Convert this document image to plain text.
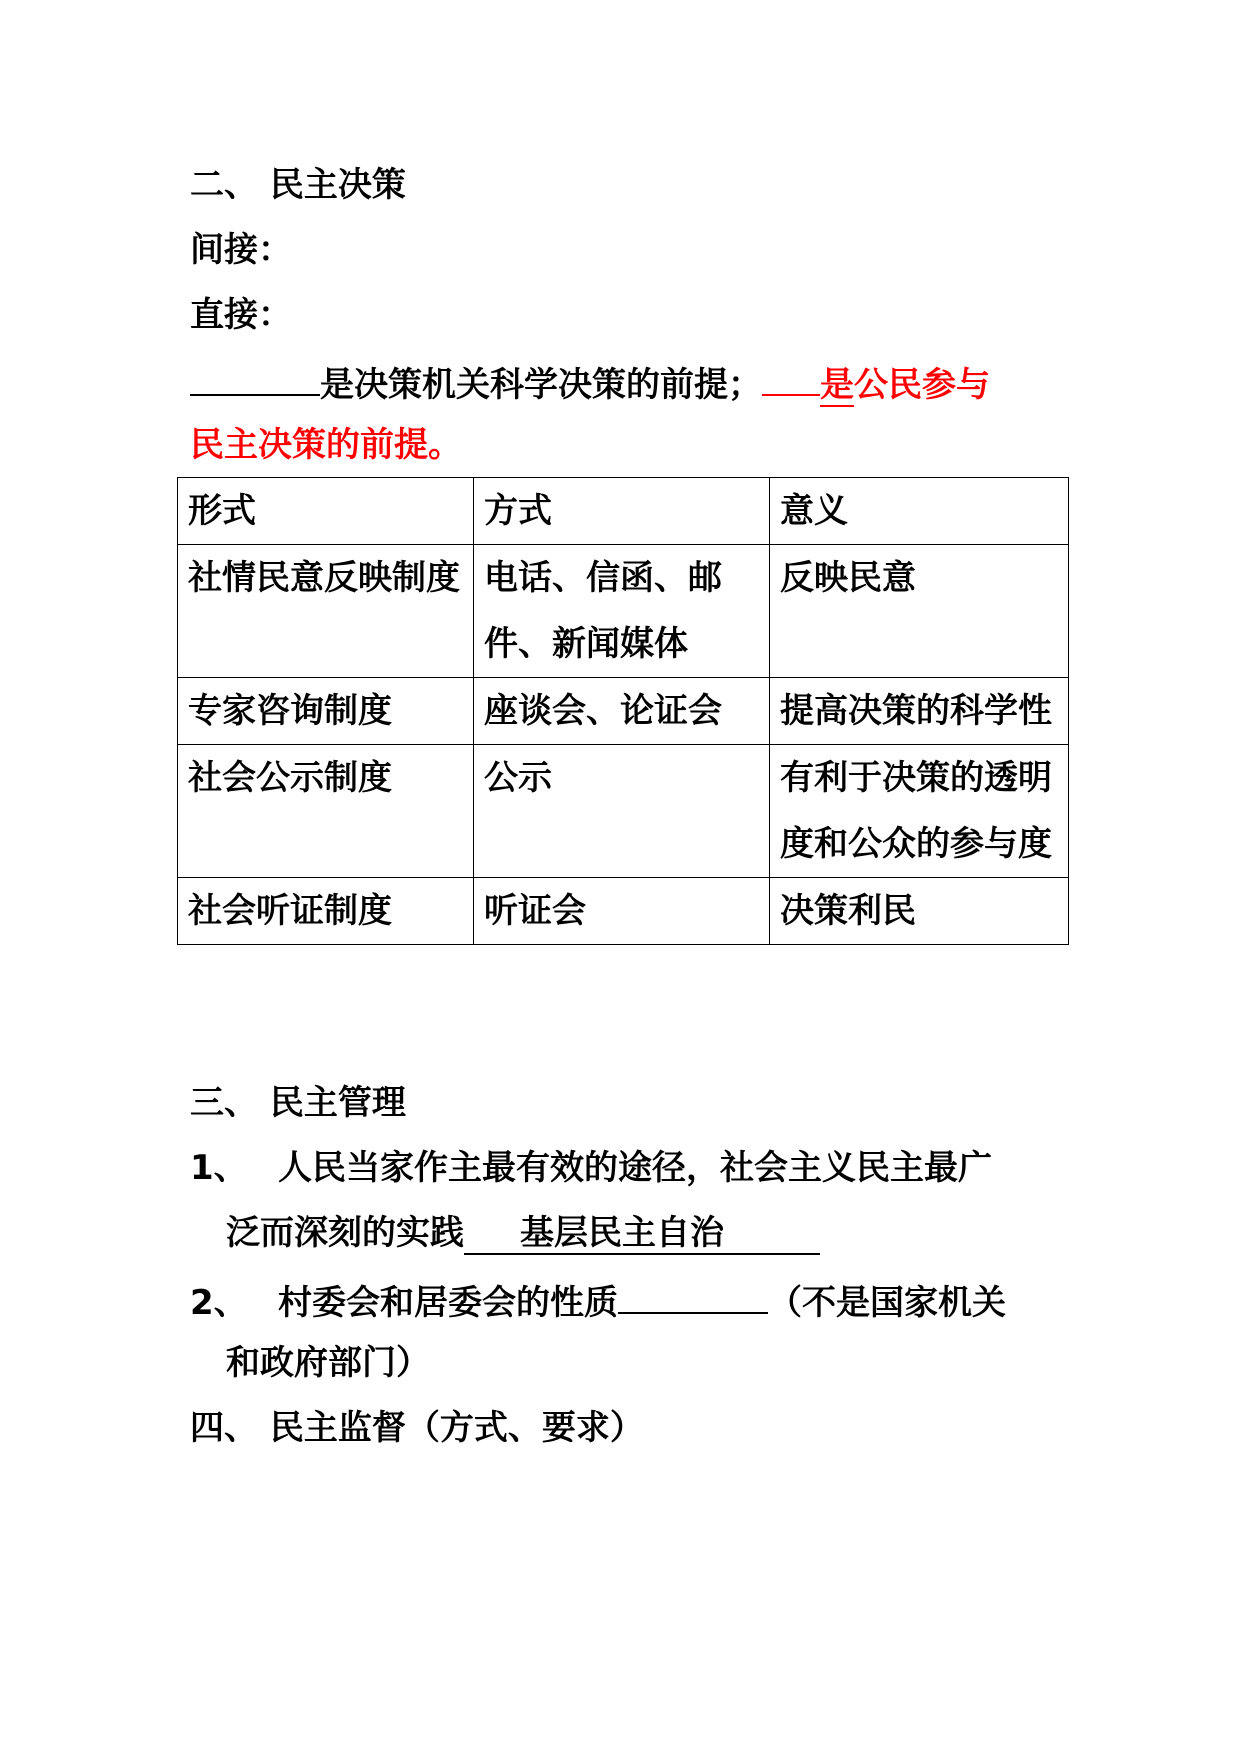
二、 民主决策
间接：
直接：
是决策机关科学决策的前提； 是公民参与
民主决策的前提。
形式	方式	意义
社情民意反映制度	电话、信函、邮件、新闻媒体	反映民意
专家咨询制度	座谈会、论证会	提高决策的科学性
社会公示制度	公示	有利于决策的透明度和公众的参与度
社会听证制度	听证会	决策利民
三、 民主管理
1、 人民当家作主最有效的途径，社会主义民主最广
泛而深刻的实践 基层民主自治
2、 村委会和居委会的性质	（不是国家机关
和政府部门）
四、 民主监督（方式、要求）
